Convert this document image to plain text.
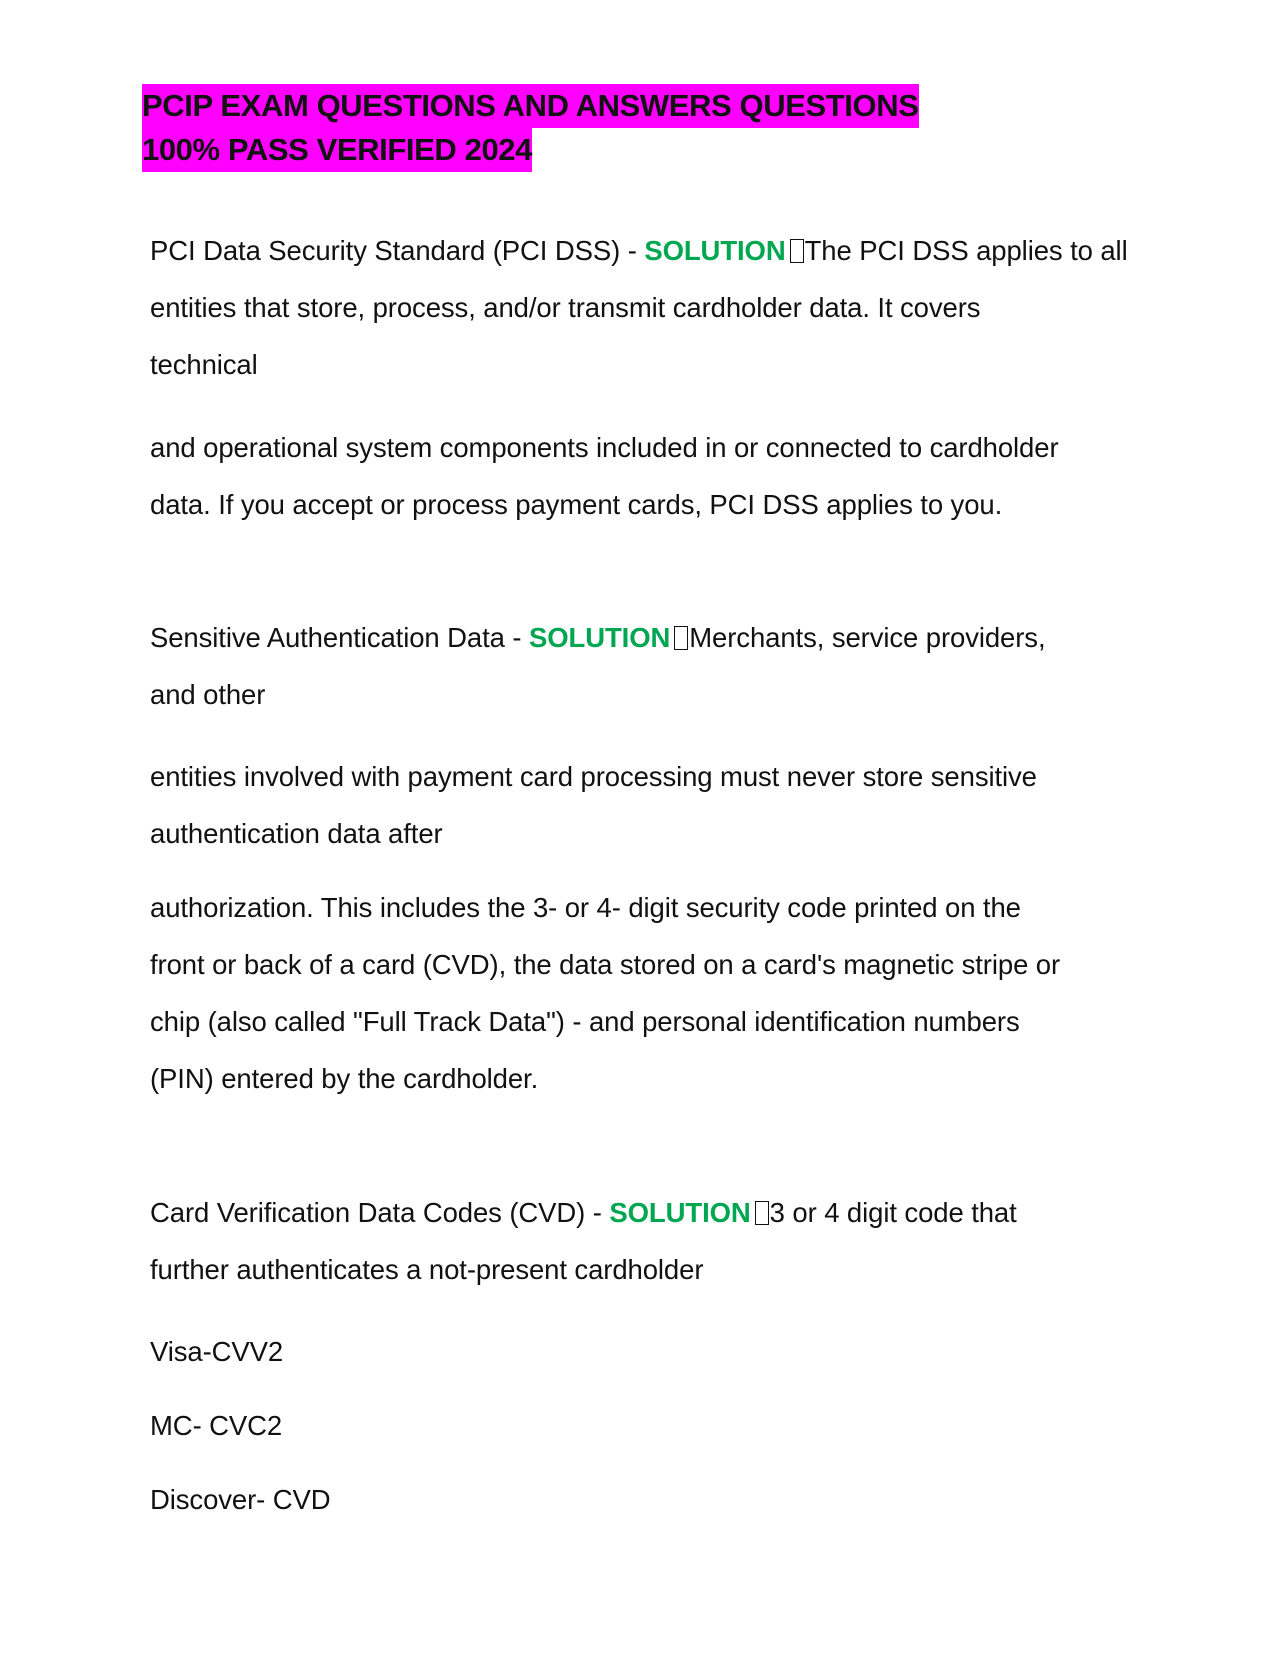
PCIP EXAM QUESTIONS AND ANSWERS QUESTIONS
100% PASS VERIFIED 2024
PCI Data Security Standard (PCI DSS) - SOLUTION The PCI DSS applies to all
entities that store, process, and/or transmit cardholder data. It covers
technical
and operational system components included in or connected to cardholder
data. If you accept or process payment cards, PCI DSS applies to you.
Sensitive Authentication Data - SOLUTION Merchants, service providers,
and other
entities involved with payment card processing must never store sensitive
authentication data after
authorization. This includes the 3- or 4- digit security code printed on the
front or back of a card (CVD), the data stored on a card's magnetic stripe or
chip (also called "Full Track Data") - and personal identification numbers
(PIN) entered by the cardholder.
Card Verification Data Codes (CVD) - SOLUTION 3 or 4 digit code that
further authenticates a not-present cardholder
Visa-CVV2
MC- CVC2
Discover- CVD
